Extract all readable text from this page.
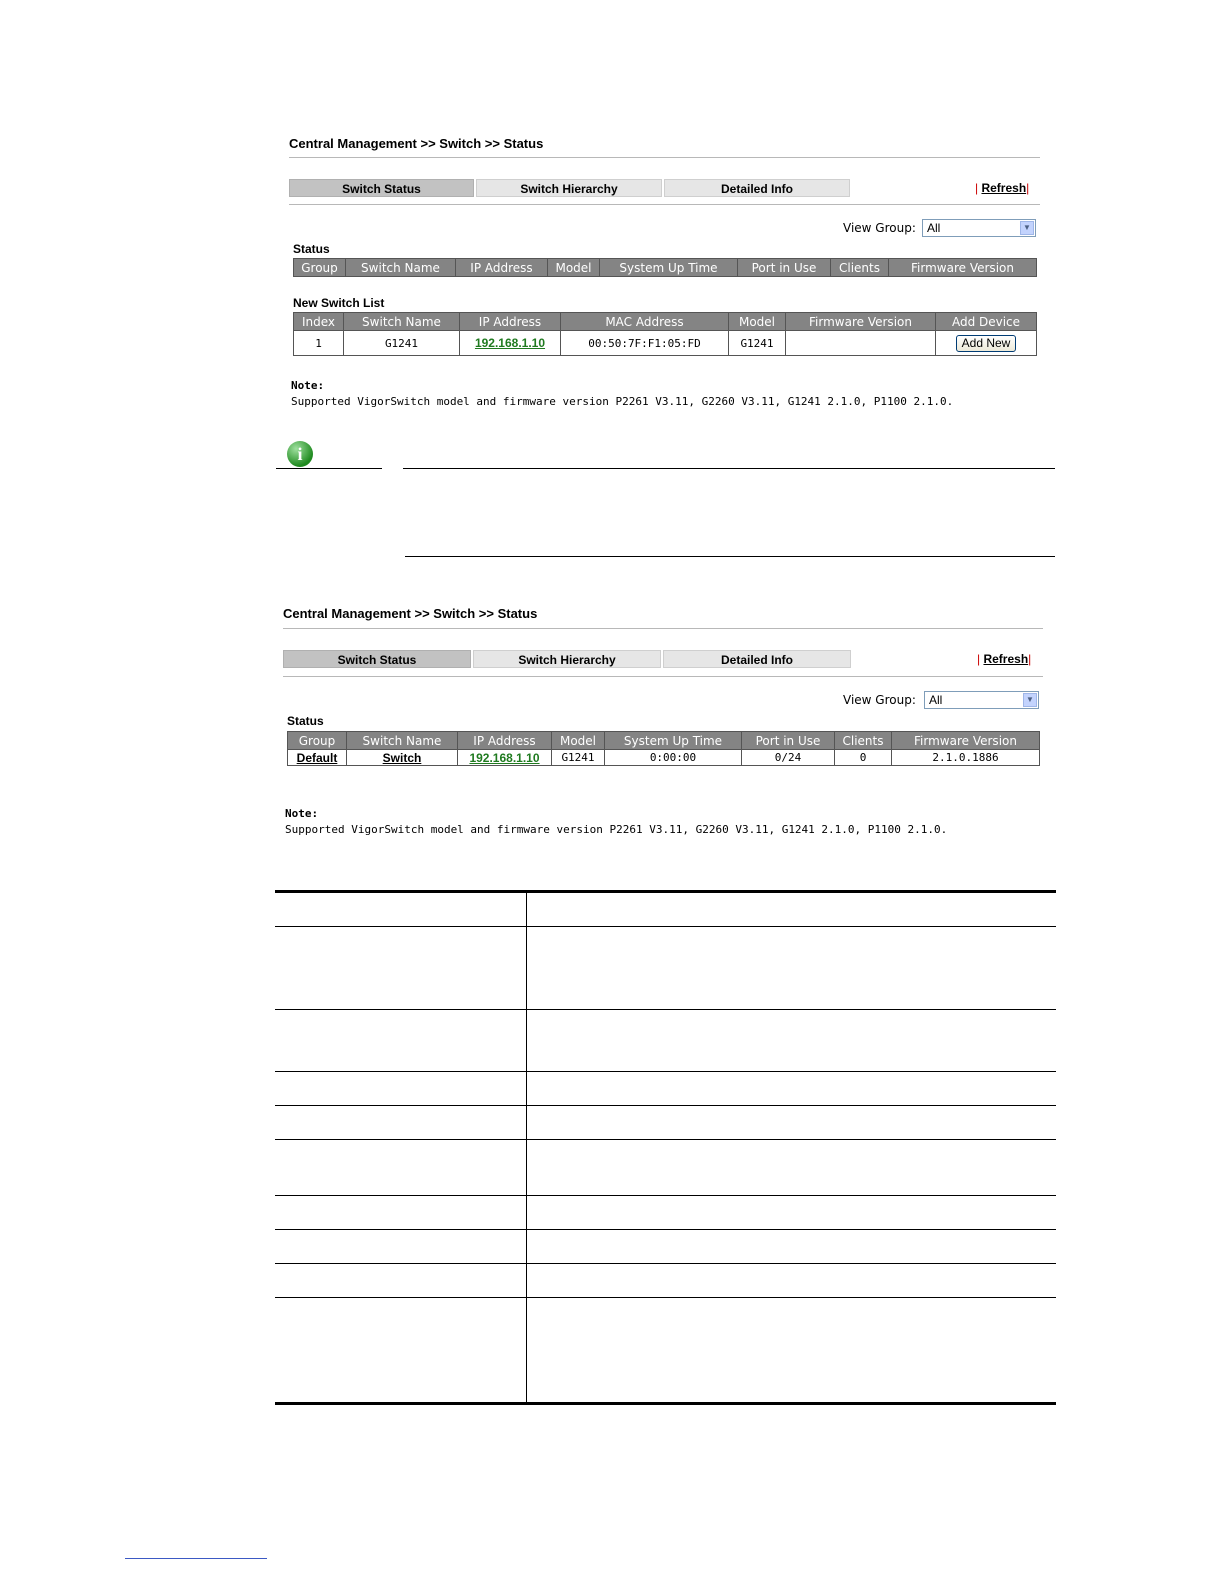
Central Management >> Switch >> Status
Switch Status	Switch Hierarchy	Detailed Info	| Refresh|
View Group: All	▼
Status
Group	Switch Name	IP Address	Model	System Up Time	Port in Use	Clients	Firmware Version
New Switch List
Index	Switch Name	IP Address	MAC Address	Model	Firmware Version	Add Device
1	G1241	192.168.1.10	00:50:7F:F1:05:FD	G1241		Add New
Note:
Supported VigorSwitch model and firmware version P2261 V3.11, G2260 V3.11, G1241 2.1.0, P1100 2.1.0.
i
Central Management >> Switch >> Status
Switch Status	Switch Hierarchy	Detailed Info	| Refresh|
View Group:	All	▼
Status
Group	Switch Name	IP Address	Model	System Up Time	Port in Use	Clients	Firmware Version
Default	Switch	192.168.1.10	G1241	0:00:00	0/24	0	2.1.0.1886
Note:
Supported VigorSwitch model and firmware version P2261 V3.11, G2260 V3.11, G1241 2.1.0, P1100 2.1.0.
